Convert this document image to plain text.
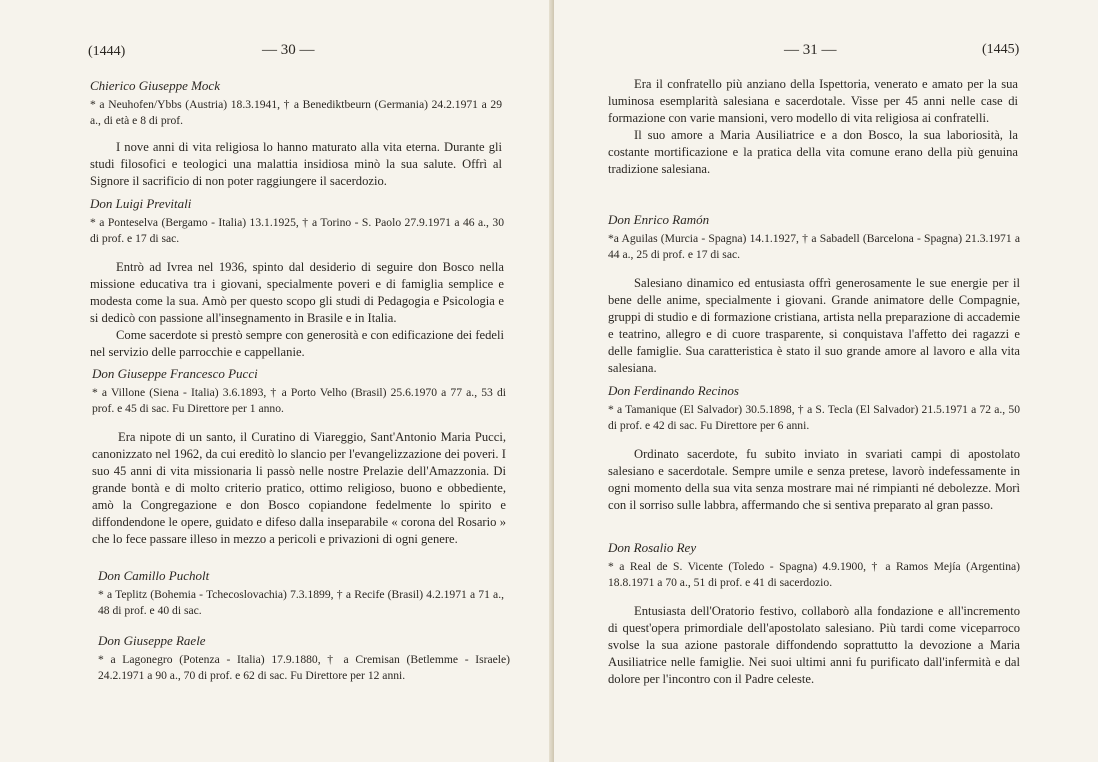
(1444)	— 30 —
Chierico Giuseppe Mock
* a Neuhofen/Ybbs (Austria) 18.3.1941, † a Benediktbeurn (Germania) 24.2.1971 a 29 a., di età e 8 di prof.
I nove anni di vita religiosa lo hanno maturato alla vita eterna. Durante gli studi filosofici e teologici una malattia insidiosa minò la sua salute. Offrì al Signore il sacrificio di non poter raggiungere il sacerdozio.
Don Luigi Previtali
* a Ponteselva (Bergamo - Italia) 13.1.1925, † a Torino - S. Paolo 27.9.1971 a 46 a., 30 di prof. e 17 di sac.
Entrò ad Ivrea nel 1936, spinto dal desiderio di seguire don Bosco nella missione educativa tra i giovani, specialmente poveri e di famiglia semplice e modesta come la sua. Amò per questo scopo gli studi di Pedagogia e Psicologia e si dedicò con passione all'insegnamento in Brasile e in Italia.
Come sacerdote si prestò sempre con generosità e con edificazione dei fedeli nel servizio delle parrocchie e cappellanie.
Don Giuseppe Francesco Pucci
* a Villone (Siena - Italia) 3.6.1893, † a Porto Velho (Brasil) 25.6.1970 a 77 a., 53 di prof. e 45 di sac. Fu Direttore per 1 anno.
Era nipote di un santo, il Curatino di Viareggio, Sant'Antonio Maria Pucci, canonizzato nel 1962, da cui ereditò lo slancio per l'evangelizzazione dei poveri. I suo 45 anni di vita missionaria li passò nelle nostre Prelazie dell'Amazzonia. Di grande bontà e di molto criterio pratico, ottimo religioso, buono e obbediente, amò la Congregazione e don Bosco copiandone fedelmente lo spirito e diffondendone le opere, guidato e difeso dalla inseparabile « corona del Rosario » che lo fece passare illeso in mezzo a pericoli e privazioni di ogni genere.
Don Camillo Pucholt
* a Teplitz (Bohemia - Tchecoslovachia) 7.3.1899, † a Recife (Brasil) 4.2.1971 a 71 a., 48 di prof. e 40 di sac.
Don Giuseppe Raele
* a Lagonegro (Potenza - Italia) 17.9.1880, † a Cremisan (Betlemme - Israele) 24.2.1971 a 90 a., 70 di prof. e 62 di sac. Fu Direttore per 12 anni.
— 31 —	(1445)
Era il confratello più anziano della Ispettoria, venerato e amato per la sua luminosa esemplarità salesiana e sacerdotale. Visse per 45 anni nelle case di formazione con varie mansioni, vero modello di vita religiosa ai confratelli.
Il suo amore a Maria Ausiliatrice e a don Bosco, la sua laboriosità, la costante mortificazione e la pratica della vita comune erano della più genuina tradizione salesiana.
Don Enrico Ramón
*a Aguilas (Murcia - Spagna) 14.1.1927, † a Sabadell (Barcelona - Spagna) 21.3.1971 a 44 a., 25 di prof. e 17 di sac.
Salesiano dinamico ed entusiasta offrì generosamente le sue energie per il bene delle anime, specialmente i giovani. Grande animatore delle Compagnie, gruppi di studio e di formazione cristiana, artista nella preparazione di accademie e teatrino, allegro e di cuore trasparente, si conquistava l'affetto dei ragazzi e delle famiglie. Sua caratteristica è stato il suo grande amore al lavoro e alla vita salesiana.
Don Ferdinando Recinos
* a Tamanique (El Salvador) 30.5.1898, † a S. Tecla (El Salvador) 21.5.1971 a 72 a., 50 di prof. e 42 di sac. Fu Direttore per 6 anni.
Ordinato sacerdote, fu subito inviato in svariati campi di apostolato salesiano e sacerdotale. Sempre umile e senza pretese, lavorò indefessamente in ogni momento della sua vita senza mostrare mai né rimpianti né debolezze. Morì con il sorriso sulle labbra, affermando che si sentiva preparato al gran passo.
Don Rosalio Rey
* a Real de S. Vicente (Toledo - Spagna) 4.9.1900, † a Ramos Mejía (Argentina) 18.8.1971 a 70 a., 51 di prof. e 41 di sacerdozio.
Entusiasta dell'Oratorio festivo, collaborò alla fondazione e all'incremento di quest'opera primordiale dell'apostolato salesiano. Più tardi come viceparroco svolse la sua azione pastorale diffondendo soprattutto la devozione a Maria Ausiliatrice nelle famiglie. Nei suoi ultimi anni fu purificato dall'infermità e dal dolore per l'incontro con il Padre celeste.
